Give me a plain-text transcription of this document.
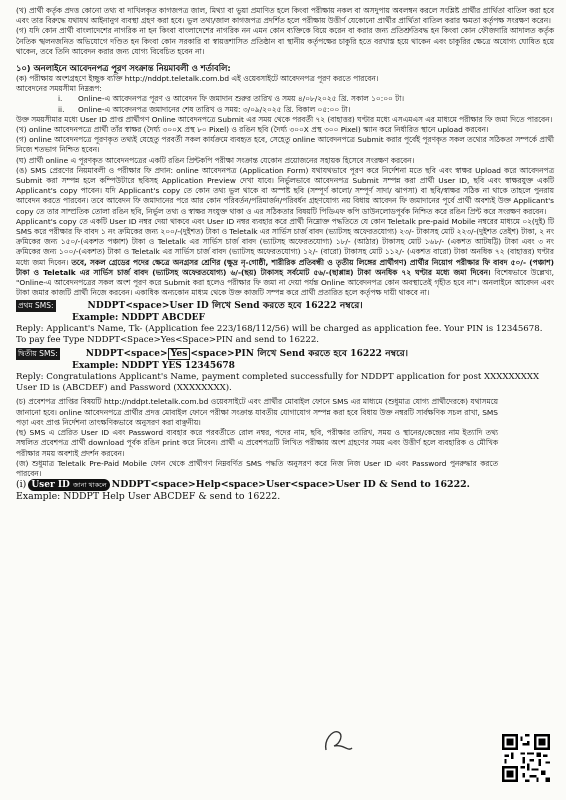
(খ) প্রার্থী কর্তৃক প্রদত্ত কোনো তথ্য বা দাখিলকৃত কাগজপত্র জাল, মিথ্যা বা ভুয়া প্রমাণিত হলে কিংবা পরীক্ষায় নকল বা অসদুপায় অবলম্বন করলে সংশ্লিষ্ট প্রার্থীর প্রার্থিতা বাতিল করা হবে এবং তার বিরুদ্ধে যথাযথ আইনানুগ ব্যবস্থা গ্রহণ করা হবে। ভুল তথ্য/জাল কাগজপত্র প্রদর্শিত হলে পরীক্ষায় উত্তীর্ণ যেকোনো প্রার্থীর প্রার্থিতা বাতিল করার ক্ষমতা কর্তৃপক্ষ সংরক্ষণ করেন।

(গ) যদি কোন প্রার্থী বাংলাদেশের নাগরিক না হন কিংবা বাংলাদেশের নাগরিক নন এমন কোন ব্যক্তিকে বিয়ে করেন বা করার জন্য প্রতিশ্রুতিবদ্ধ হন কিংবা কোন ফৌজদারি আদালত কর্তৃক নৈতিক স্খলনজনিত অভিযোগে দণ্ডিত হন কিংবা কোন সরকারি বা স্বায়ত্তশাসিত প্রতিষ্ঠান বা স্থানীয় কর্তৃপক্ষের চাকুরি হতে বরখাস্ত হয়ে থাকেন এবং চাকুরির ক্ষেত্রে অযোগ্য ঘোষিত হয়ে থাকেন, তবে তিনি আবেদন করার জন্য যোগ্য বিবেচিত হবেন না।

১০) অনলাইনে আবেদনপত্র পূরণ সংক্রান্ত নিয়মাবলী ও শর্তাবলি:

(ক) পরীক্ষায় অংশগ্রহণে ইচ্ছুক ব্যক্তি http://nddpt.teletalk.com.bd এই ওয়েবসাইটে আবেদনপত্র পূরণ করতে পারবেন।

আবেদনের সময়সীমা নিম্নরূপ:

i.	Online-এ আবেদনপত্র পূরণ ও আবেদন ফি জমাদান শুরুর তারিখ ও সময় ৪/০৮/২০২৫ খ্রি. সকাল ১০:০০ টা।
ii.	Online-এ আবেদনপত্র জমাদানের শেষ তারিখ ও সময়: ৩/০৯/২০২৫ খ্রি. বিকাল ০৫:০০ টা।

উক্ত সময়সীমার মধ্যে User ID প্রাপ্ত প্রার্থীগণ Online আবেদনপত্রে Submit এর সময় থেকে পরবর্তী ৭২ (বাহাত্তর) ঘণ্টার মধ্যে এসএমএস এর মাধ্যমে পরীক্ষার ফি জমা দিতে পারবেন।

(খ) online আবেদনপত্রে প্রার্থী তাঁর স্বাক্ষর (দৈর্ঘ্য ৩০০X প্রস্থ ৮০ Pixel) ও রঙিন ছবি (দৈর্ঘ্য ৩০০X প্রস্থ ৩০০ Pixel) স্ক্যান করে নির্ধারিত স্থানে upload করবেন।

(গ) online আবেদনপত্রে পূরণকৃত তথ্যই যেহেতু পরবর্তী সকল কার্যক্রমে ব্যবহৃত হবে, সেহেতু online আবেদনপত্রে Submit করার পূর্বেই পূরণকৃত সকল তথ্যের সঠিকতা সম্পর্কে প্রার্থী নিজে শতভাগ নিশ্চিত হবেন।

(ঘ) প্রার্থী online এ পূরণকৃত আবেদনপত্রের একটি রঙিন প্রিন্টকপি পরীক্ষা সংক্রান্ত যেকোন প্রয়োজনের সহায়ক হিসেবে সংরক্ষণ করবেন।

(ঙ) SMS প্রেরণের নিয়মাবলী ও পরীক্ষার ফি প্রদান: online আবেদনপত্র (Application Form) যথাযথভাবে পূরণ করে নির্দেশনা মতে ছবি এবং স্বাক্ষর Upload করে আবেদনপত্র Submit করা সম্পন্ন হলে কম্পিউটারে ছবিসহ Application Preview দেখা যাবে। নির্ভুলভাবে আবেদনপত্র Submit সম্পন্ন করা প্রার্থী User ID, ছবি এবং স্বাক্ষরযুক্ত একটি Applicant's copy পাবেন। যদি Applicant's copy তে কোন তথ্য ভুল থাকে বা অস্পষ্ট ছবি (সম্পূর্ণ কালো/ সম্পূর্ণ সাদা/ ঝাপসা) বা ছবি/স্বাক্ষর সঠিক না থাকে তাহলে পুনরায় আবেদন করতে পারবেন। তবে আবেদন ফি জমাদানের পরে আর কোন পরিবর্তন/পরিমার্জন/পরিবর্ধন গ্রহণযোগ্য নয় বিধায় আবেদন ফি জমাদানের পূর্বে প্রার্থী অবশ্যই উক্ত Applicant's copy তে তার সাম্প্রতিক তোলা রঙিন ছবি, নির্ভুল তথ্য ও স্বাক্ষর সংযুক্ত থাকা ও এর সঠিকতার বিষয়টি পিডিএফ কপি ডাউনলোডপূর্বক নিশ্চিত করে রঙিন প্রিন্ট করে সংরক্ষণ করবেন।

Applicant's copy তে একটি User ID নম্বর দেয়া থাকবে এবং User ID নম্বর ব্যবহার করে প্রার্থী নিম্নোক্ত পদ্ধতিতে যে কোন Teletalk pre-paid Mobile নম্বরের মাধ্যমে ০২(দুই) টি SMS করে পরীক্ষার ফি বাবদ ১ নং ক্রমিকের জন্য ২০০/-(দুইশত) টাকা ও Teletalk এর সার্ভিস চার্জ বাবদ (ভ্যাটসহ অফেরতযোগ্য) ২৩/- টাকাসহ মোট ২২৩/-(দুইশত তেইশ) টাকা, ২ নং ক্রমিকের জন্য ১৫০/-(একশত পঞ্চাশ) টাকা ও Teletalk এর সার্ভিস চার্জ বাবদ (ভ্যাটসহ অফেরতযোগ্য) ১৮/- (আঠার) টাকাসহ মোট ১৬৮/- (একশত আটষট্টি) টাকা এবং ৩ নং ক্রমিকের জন্য ১০০/-(একশত) টাকা ও Teletalk এর সার্ভিস চার্জ বাবদ (ভ্যাটসহ অফেরতযোগ্য) ১২/- (বারো) টাকাসহ মোট ১১২/- (একশত বারো) টাকা অনধিক ৭২ (বাহাত্তর) ঘণ্টার মধ্যে জমা দিবেন। তবে, সকল গ্রেডের পদের ক্ষেত্রে অনগ্রসর শ্রেণির (ক্ষুদ্র নৃ-গোষ্ঠী, শারীরিক প্রতিবন্ধী ও তৃতীয় লিঙ্গের প্রার্থীগণ) প্রার্থীর নিয়োগ পরীক্ষার ফি বাবদ ৫০/- (পঞ্চাশ) টাকা ও Teletalk এর সার্ভিস চার্জ বাবদ (ভ্যাটসহ অফেরতযোগ্য) ৬/-(ছয়) টাকাসহ সর্বমোট ৫৬/-(ছাপ্পান্ন) টাকা অনধিক ৭২ ঘণ্টার মধ্যে জমা দিবেন। বিশেষভাবে উল্লেখ্য, "Online-এ আবেদনপত্রের সকল অংশ পূরণ করে Submit করা হলেও পরীক্ষার ফি জমা না দেয়া পর্যন্ত Online আবেদনপত্র কোন অবস্থাতেই গৃহীত হবে না"। অনলাইনে আবেদন এবং টাকা জমার কাজটি প্রার্থী নিজে করবেন। একাধিক অন্যকোন মাধ্যম থেকে উক্ত কাজটি সম্পন্ন করে প্রার্থী প্রতারিত হলে কর্তৃপক্ষ দায়ী থাকবে না।

প্রথম SMS:	NDDPT<space>User ID লিখে Send করতে হবে 16222 নম্বরে।
Example: NDDPT ABCDEF
Reply: Applicant's Name, Tk- (Application fee 223/168/112/56) will be charged as application fee. Your PIN is 12345678. To pay fee Type NDDPT<Space>Yes<Space>PIN and send to 16222.
দ্বিতীয় SMS:	NDDPT<space> Yes <space>PIN লিখে Send করতে হবে 16222 নম্বরে।
Example: NDDPT YES 12345678
Reply: Congratulations Applicant's Name, payment completed successfully for NDDPT application for post XXXXXXXXX User ID is (ABCDEF) and Password (XXXXXXXX).

(চ) প্রবেশপত্র প্রাপ্তির বিষয়টি http://nddpt.teletalk.com.bd ওয়েবসাইটে এবং প্রার্থীর মোবাইল ফোনে SMS এর মাধ্যমে (শুধুমাত্র যোগ্য প্রার্থীদেরকে) যথাসময়ে জানানো হবে। online আবেদনপত্রে প্রার্থীর প্রদত্ত মোবাইল ফোনে পরীক্ষা সংক্রান্ত যাবতীয় যোগাযোগ সম্পন্ন করা হবে বিধায় উক্ত নম্বরটি সার্বক্ষণিক সচল রাখা, SMS পড়া এবং প্রাপ্ত নির্দেশনা তাৎক্ষণিকভাবে অনুসরণ করা বাঞ্ছনীয়।

(ছ) SMS এ প্রেরিত User ID এবং Password ব্যবহার করে পরবর্তীতে রোল নম্বর, পদের নাম, ছবি, পরীক্ষার তারিখ, সময় ও স্থানের/কেন্দ্রের নাম ইত্যাদি তথ্য সম্বলিত প্রবেশপত্র প্রার্থী download পূর্বক রঙিন print করে নিবেন। প্রার্থী এ প্রবেশপত্রটি লিখিত পরীক্ষায় অংশ গ্রহণের সময় এবং উত্তীর্ণ হলে ব্যবহারিক ও মৌখিক পরীক্ষার সময় অবশ্যই প্রদর্শন করবেন।

(জ) শুধুমাত্র Teletalk Pre-Paid Mobile ফোন থেকে প্রার্থীগণ নিম্নবর্ণিত SMS পদ্ধতি অনুসরণ করে নিজ নিজ User ID এবং Password পুনরুদ্ধার করতে পারবেন।

(i) User ID জানা থাকলে NDDPT<space>Help<space>User<space>User ID & Send to 16222.
Example: NDDPT Help User ABCDEF & send to 16222.
